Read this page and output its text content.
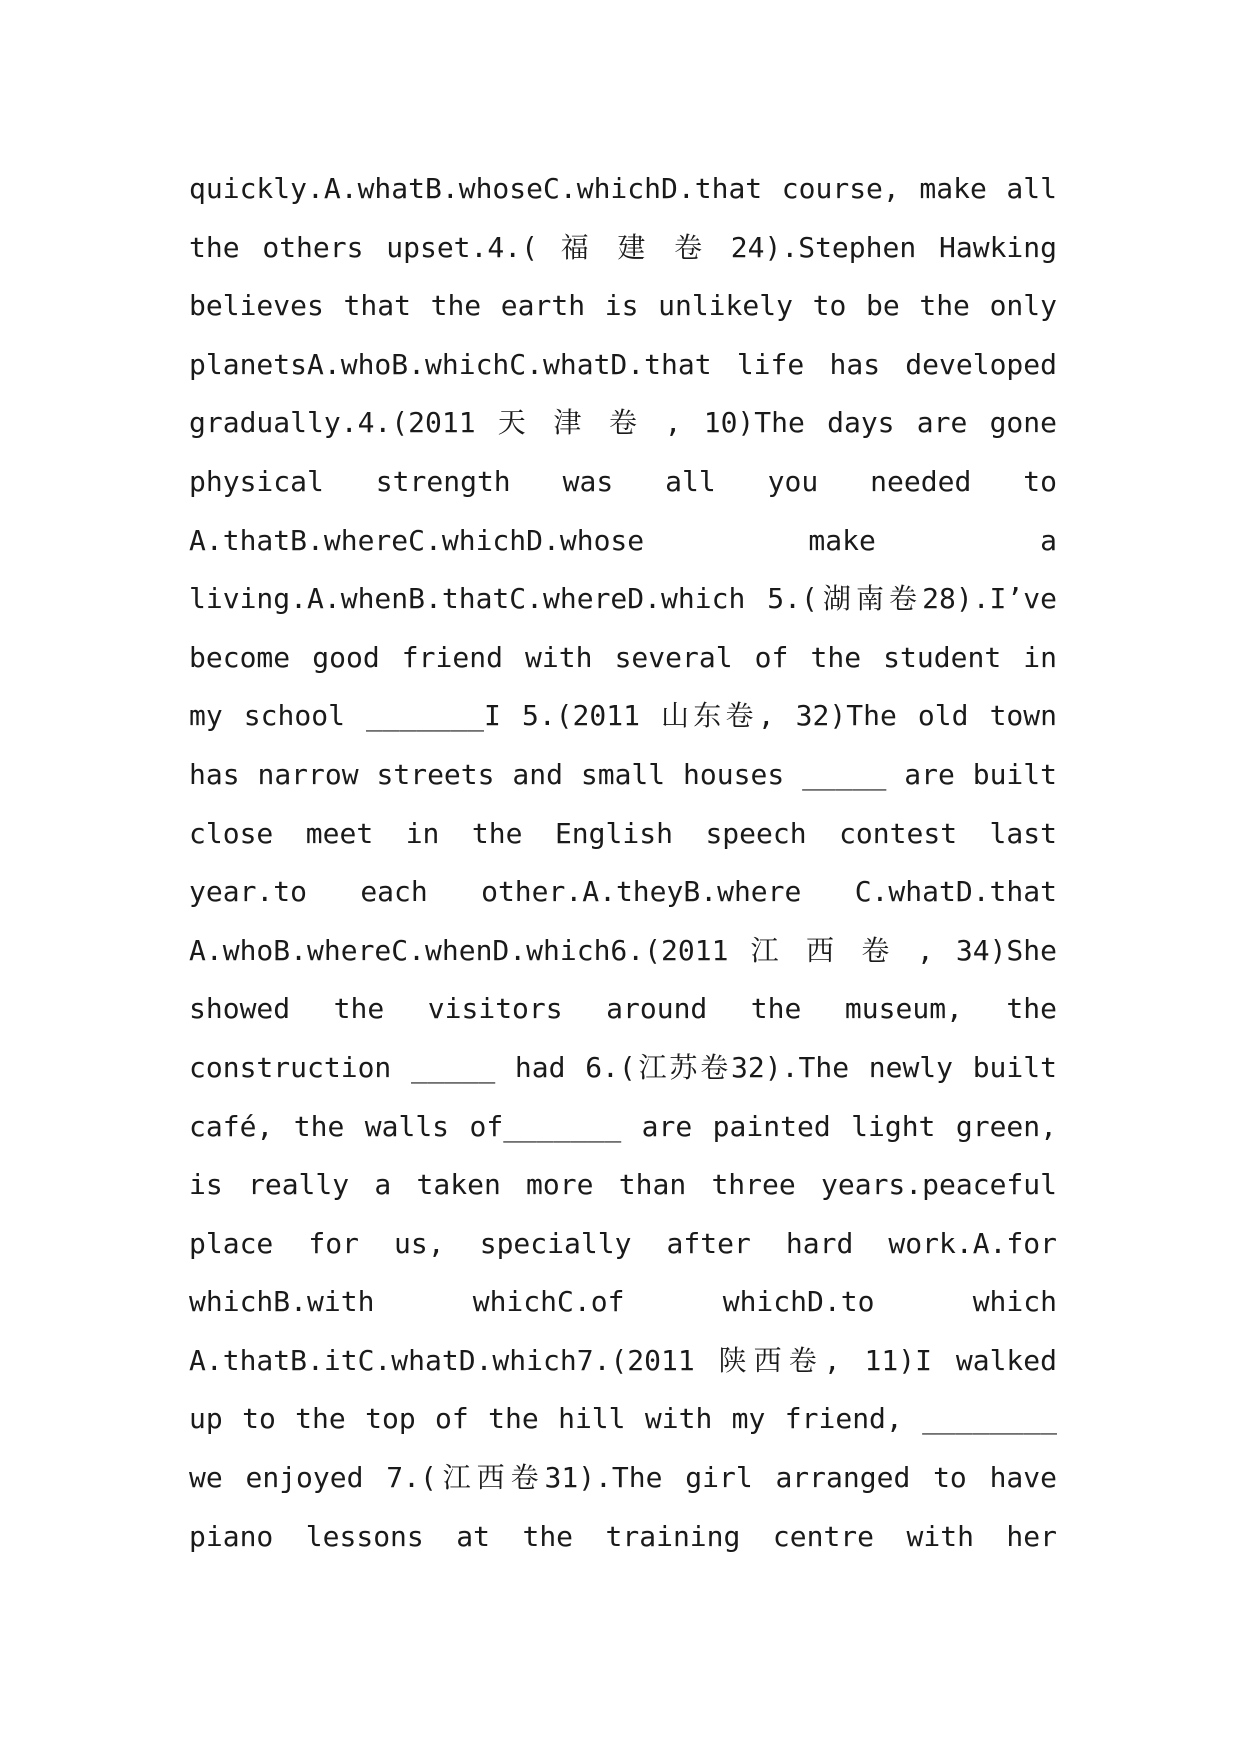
quickly.A.whatB.whoseC.whichD.that course, make all
the others upset.4.( 福 建 卷 24).Stephen Hawking
believes that the earth is unlikely to be the only
planetsA.whoB.whichC.whatD.that life has developed
gradually.4.(2011 天 津 卷 , 10)The days are gone
physical strength was all you needed to
A.thatB.whereC.whichD.whose make a
living.A.whenB.thatC.whereD.which 5.(湖南卷28).I’ve
become good friend with several of the student in
my school _______I 5.(2011 山东卷, 32)The old town
has narrow streets and small houses _____ are built
close meet in the English speech contest last
year.to each other.A.theyB.where C.whatD.that
A.whoB.whereC.whenD.which6.(2011 江 西 卷 , 34)She
showed the visitors around the museum, the
construction _____ had 6.(江苏卷32).The newly built
café, the walls of_______ are painted light green,
is really a taken more than three years.peaceful
place for us, specially after hard work.A.for
whichB.with whichC.of whichD.to which
A.thatB.itC.whatD.which7.(2011 陕西卷, 11)I walked
up to the top of the hill with my friend, ________
we enjoyed 7.(江西卷31).The girl arranged to have
piano lessons at the training centre with her
